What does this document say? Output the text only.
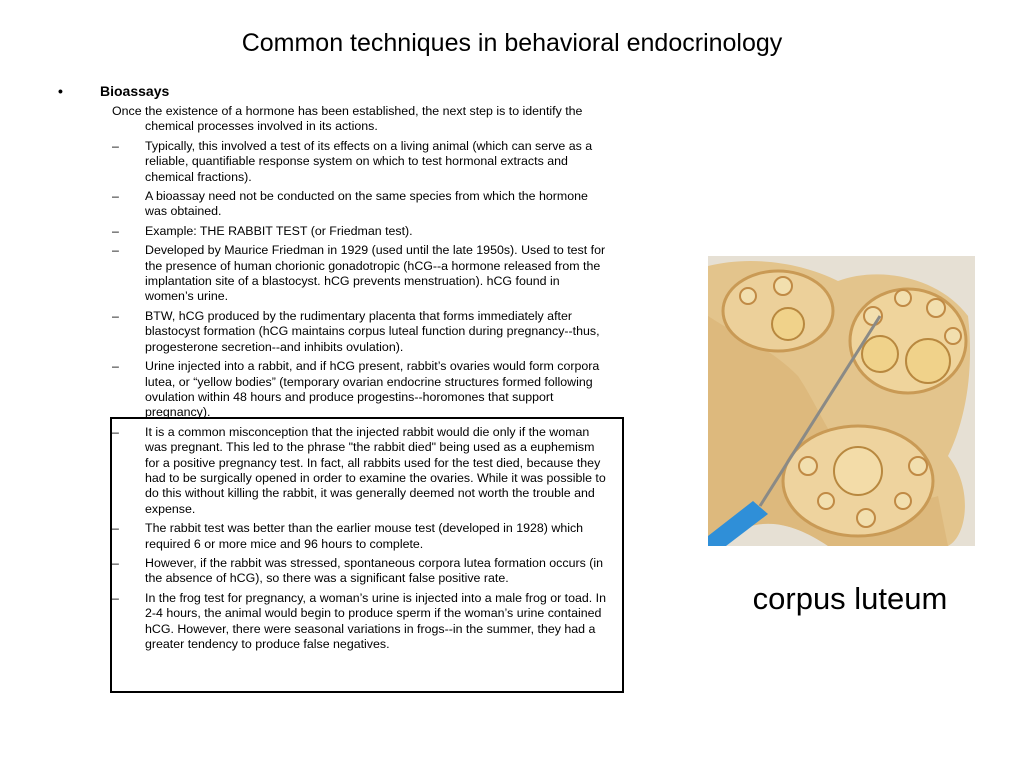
Common techniques in behavioral endocrinology
•	Bioassays
Once the existence of a hormone has been established, the next step is to identify the chemical processes involved in its actions.
– Typically, this involved a test of its effects on a living animal (which can serve as a reliable, quantifiable response system on which to test hormonal extracts and chemical fractions).
– A bioassay need not be conducted on the same species from which the hormone was obtained.
– Example: THE RABBIT TEST (or Friedman test).
– Developed by Maurice Friedman in 1929 (used until the late 1950s). Used to test for the presence of human chorionic gonadotropic (hCG--a hormone released from the implantation site of a blastocyst. hCG prevents menstruation). hCG found in women’s urine.
– BTW, hCG produced by the rudimentary placenta that forms immediately after blastocyst formation (hCG maintains corpus luteal function during pregnancy--thus, progesterone secretion--and inhibits ovulation).
– Urine injected into a rabbit, and if hCG present, rabbit’s ovaries would form corpora lutea, or “yellow bodies” (temporary ovarian endocrine structures formed following ovulation within 48 hours and produce progestins--horomones that support pregnancy).
– It is a common misconception that the injected rabbit would die only if the woman was pregnant. This led to the phrase "the rabbit died" being used as a euphemism for a positive pregnancy test. In fact, all rabbits used for the test died, because they had to be surgically opened in order to examine the ovaries. While it was possible to do this without killing the rabbit, it was generally deemed not worth the trouble and expense.
– The rabbit test was better than the earlier mouse test (developed in 1928) which required 6 or more mice and 96 hours to complete.
– However, if the rabbit was stressed, spontaneous corpora lutea formation occurs (in the absence of hCG), so there was a significant false positive rate.
– In the frog test for pregnancy, a woman’s urine is injected into a male frog or toad. In 2-4 hours, the animal would begin to produce sperm if the woman’s urine contained hCG. However, there were seasonal variations in frogs--in the summer, they had a greater tendency to produce false negatives.
corpus luteum
